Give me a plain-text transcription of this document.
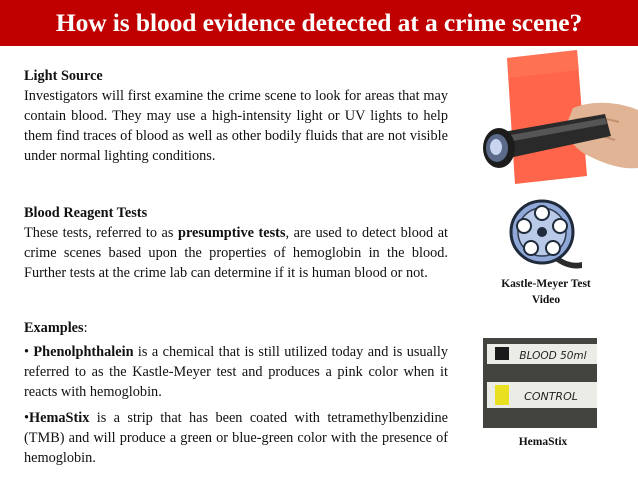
How is blood evidence detected at a crime scene?

Light Source

Investigators will first examine the crime scene to look for areas that may contain blood. They may use a high-intensity light or UV lights to help them find traces of blood as well as other bodily fluids that are not visible under normal lighting conditions.

Blood Reagent Tests

These tests, referred to as presumptive tests, are used to detect blood at crime scenes based upon the properties of hemoglobin in the blood. Further tests at the crime lab can determine if it is human blood or not.

Examples:

• Phenolphthalein is a chemical that is still utilized today and is usually referred to as the Kastle-Meyer test and produces a pink color when it reacts with hemoglobin.

•HemaStix is a strip that has been coated with tetramethylbenzidine (TMB) and will produce a green or blue-green color with the presence of hemoglobin.

Kastle-Meyer Test
Video
BLOOD 50ml
CONTROL
HemaStix
